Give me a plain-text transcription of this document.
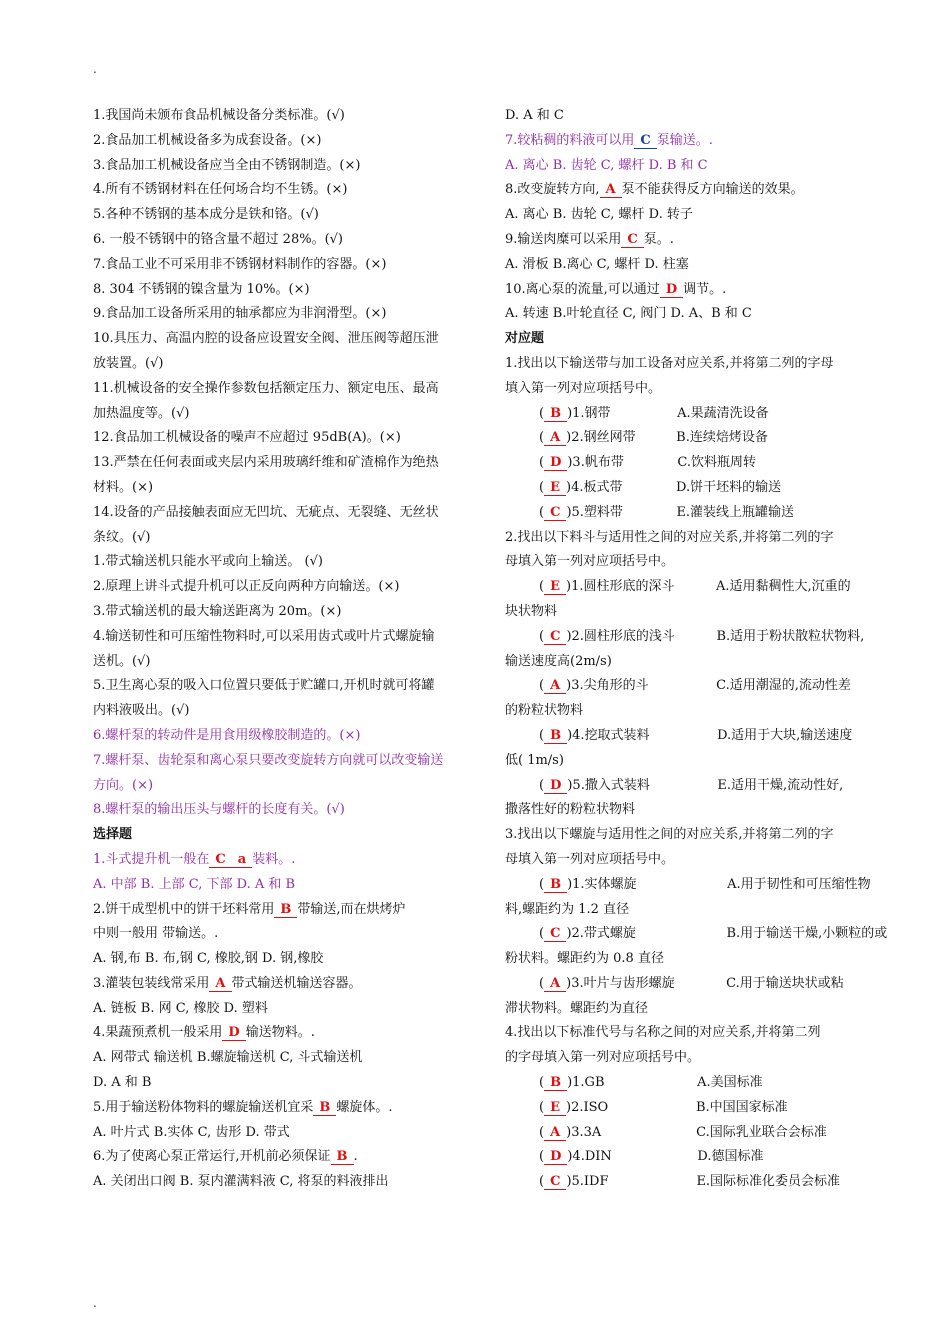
.

1.我国尚未颁布食品机械设备分类标准。(√)

2.食品加工机械设备多为成套设备。(×)

3.食品加工机械设备应当全由不锈钢制造。(×)

4.所有不锈钢材料在任何场合均不生锈。(×)

5.各种不锈钢的基本成分是铁和铬。(√)

6. 一般不锈钢中的铬含量不超过 28%。(√)

7.食品工业不可采用非不锈钢材料制作的容器。(×)

8. 304 不锈钢的镍含量为 10%。(×)

9.食品加工设备所采用的轴承都应为非润滑型。(×)

10.具压力、高温内腔的设备应设置安全阀、泄压阀等超压泄

放装置。(√)

11.机械设备的安全操作参数包括额定压力、额定电压、最高

加热温度等。(√)

12.食品加工机械设备的噪声不应超过 95dB(A)。(×)

13.严禁在任何表面或夹层内采用玻璃纤维和矿渣棉作为绝热

材料。(×)

14.设备的产品接触表面应无凹坑、无疵点、无裂缝、无丝状

条纹。(√)

1.带式输送机只能水平或向上输送。 (√)

2.原理上讲斗式提升机可以正反向两种方向输送。(×)

3.带式输送机的最大输送距离为 20m。(×)

4.输送韧性和可压缩性物料时,可以采用齿式或叶片式螺旋输

送机。(√)

5.卫生离心泵的吸入口位置只要低于贮罐口,开机时就可将罐

内料液吸出。(√)

6.螺杆泵的转动件是用食用级橡胶制造的。(×)

7.螺杆泵、齿轮泵和离心泵只要改变旋转方向就可以改变输送

方向。(×)

8.螺杆泵的输出压头与螺杆的长度有关。(√)

选择题

1.斗式提升机一般在 C a 装料。.

A. 中部 B. 上部 C, 下部 D. A 和 B

2.饼干成型机中的饼干坯料常用 B 带输送,而在烘烤炉

中则一般用 带输送。.

A. 钢,布 B. 布,钢 C, 橡胶,钢 D. 钢,橡胶

3.灌装包装线常采用 A 带式输送机输送容器。

A. 链板 B. 网 C, 橡胶 D. 塑料

4.果蔬预煮机一般采用 D 输送物料。.

A. 网带式 输送机 B.螺旋输送机 C, 斗式输送机

D. A 和 B

5.用于输送粉体物料的螺旋输送机宜采 B 螺旋体。.

A. 叶片式 B.实体 C, 齿形 D. 带式

6.为了使离心泵正常运行,开机前必须保证 B .

A. 关闭出口阀 B. 泵内灌满料液 C, 将泵的料液排出

D. A 和 C

7.较粘稠的料液可以用 C 泵输送。.

A. 离心 B. 齿轮 C, 螺杆 D. B 和 C

8.改变旋转方向, A 泵不能获得反方向输送的效果。

A. 离心 B. 齿轮 C, 螺杆 D. 转子

9.输送肉糜可以采用 C 泵。.

A. 滑板 B.离心 C, 螺杆 D. 柱塞

10.离心泵的流量,可以通过 D 调节。.

A. 转速 B.叶轮直径 C, 阀门 D. A、B 和 C

对应题

1.找出以下输送带与加工设备对应关系,并将第二列的字母

填入第一列对应项括号中。

( B )1.钢带	A.果蔬清洗设备

( A )2.钢丝网带	B.连续焙烤设备

( D )3.帆布带	C.饮料瓶周转

( E )4.板式带	D.饼干坯料的输送

( C )5.塑料带	E.灌装线上瓶罐输送

2.找出以下料斗与适用性之间的对应关系,并将第二列的字

母填入第一列对应项括号中。

( E )1.圆柱形底的深斗	A.适用黏稠性大,沉重的

块状物料

( C )2.圆柱形底的浅斗	B.适用于粉状散粒状物料,

输送速度高(2m/s)

( A )3.尖角形的斗	C.适用潮湿的,流动性差

的粉粒状物料

( B )4.挖取式装料	D.适用于大块,输送速度

低( 1m/s)

( D )5.撒入式装料	E.适用干燥,流动性好,

撒落性好的粉粒状物料

3.找出以下螺旋与适用性之间的对应关系,并将第二列的字

母填入第一列对应项括号中。

( B )1.实体螺旋	A.用于韧性和可压缩性物

料,螺距约为 1.2 直径

( C )2.带式螺旋	B.用于输送干燥,小颗粒的或

粉状料。螺距约为 0.8 直径

( A )3.叶片与齿形螺旋	C.用于输送块状或粘

滞状物料。螺距约为直径

4.找出以下标准代号与名称之间的对应关系,并将第二列

的字母填入第一列对应项括号中。

( B )1.GB	A.美国标准

( E )2.ISO	B.中国国家标准

( A )3.3A	C.国际乳业联合会标准

( D )4.DIN	D.德国标准

( C )5.IDF	E.国际标准化委员会标准

.
